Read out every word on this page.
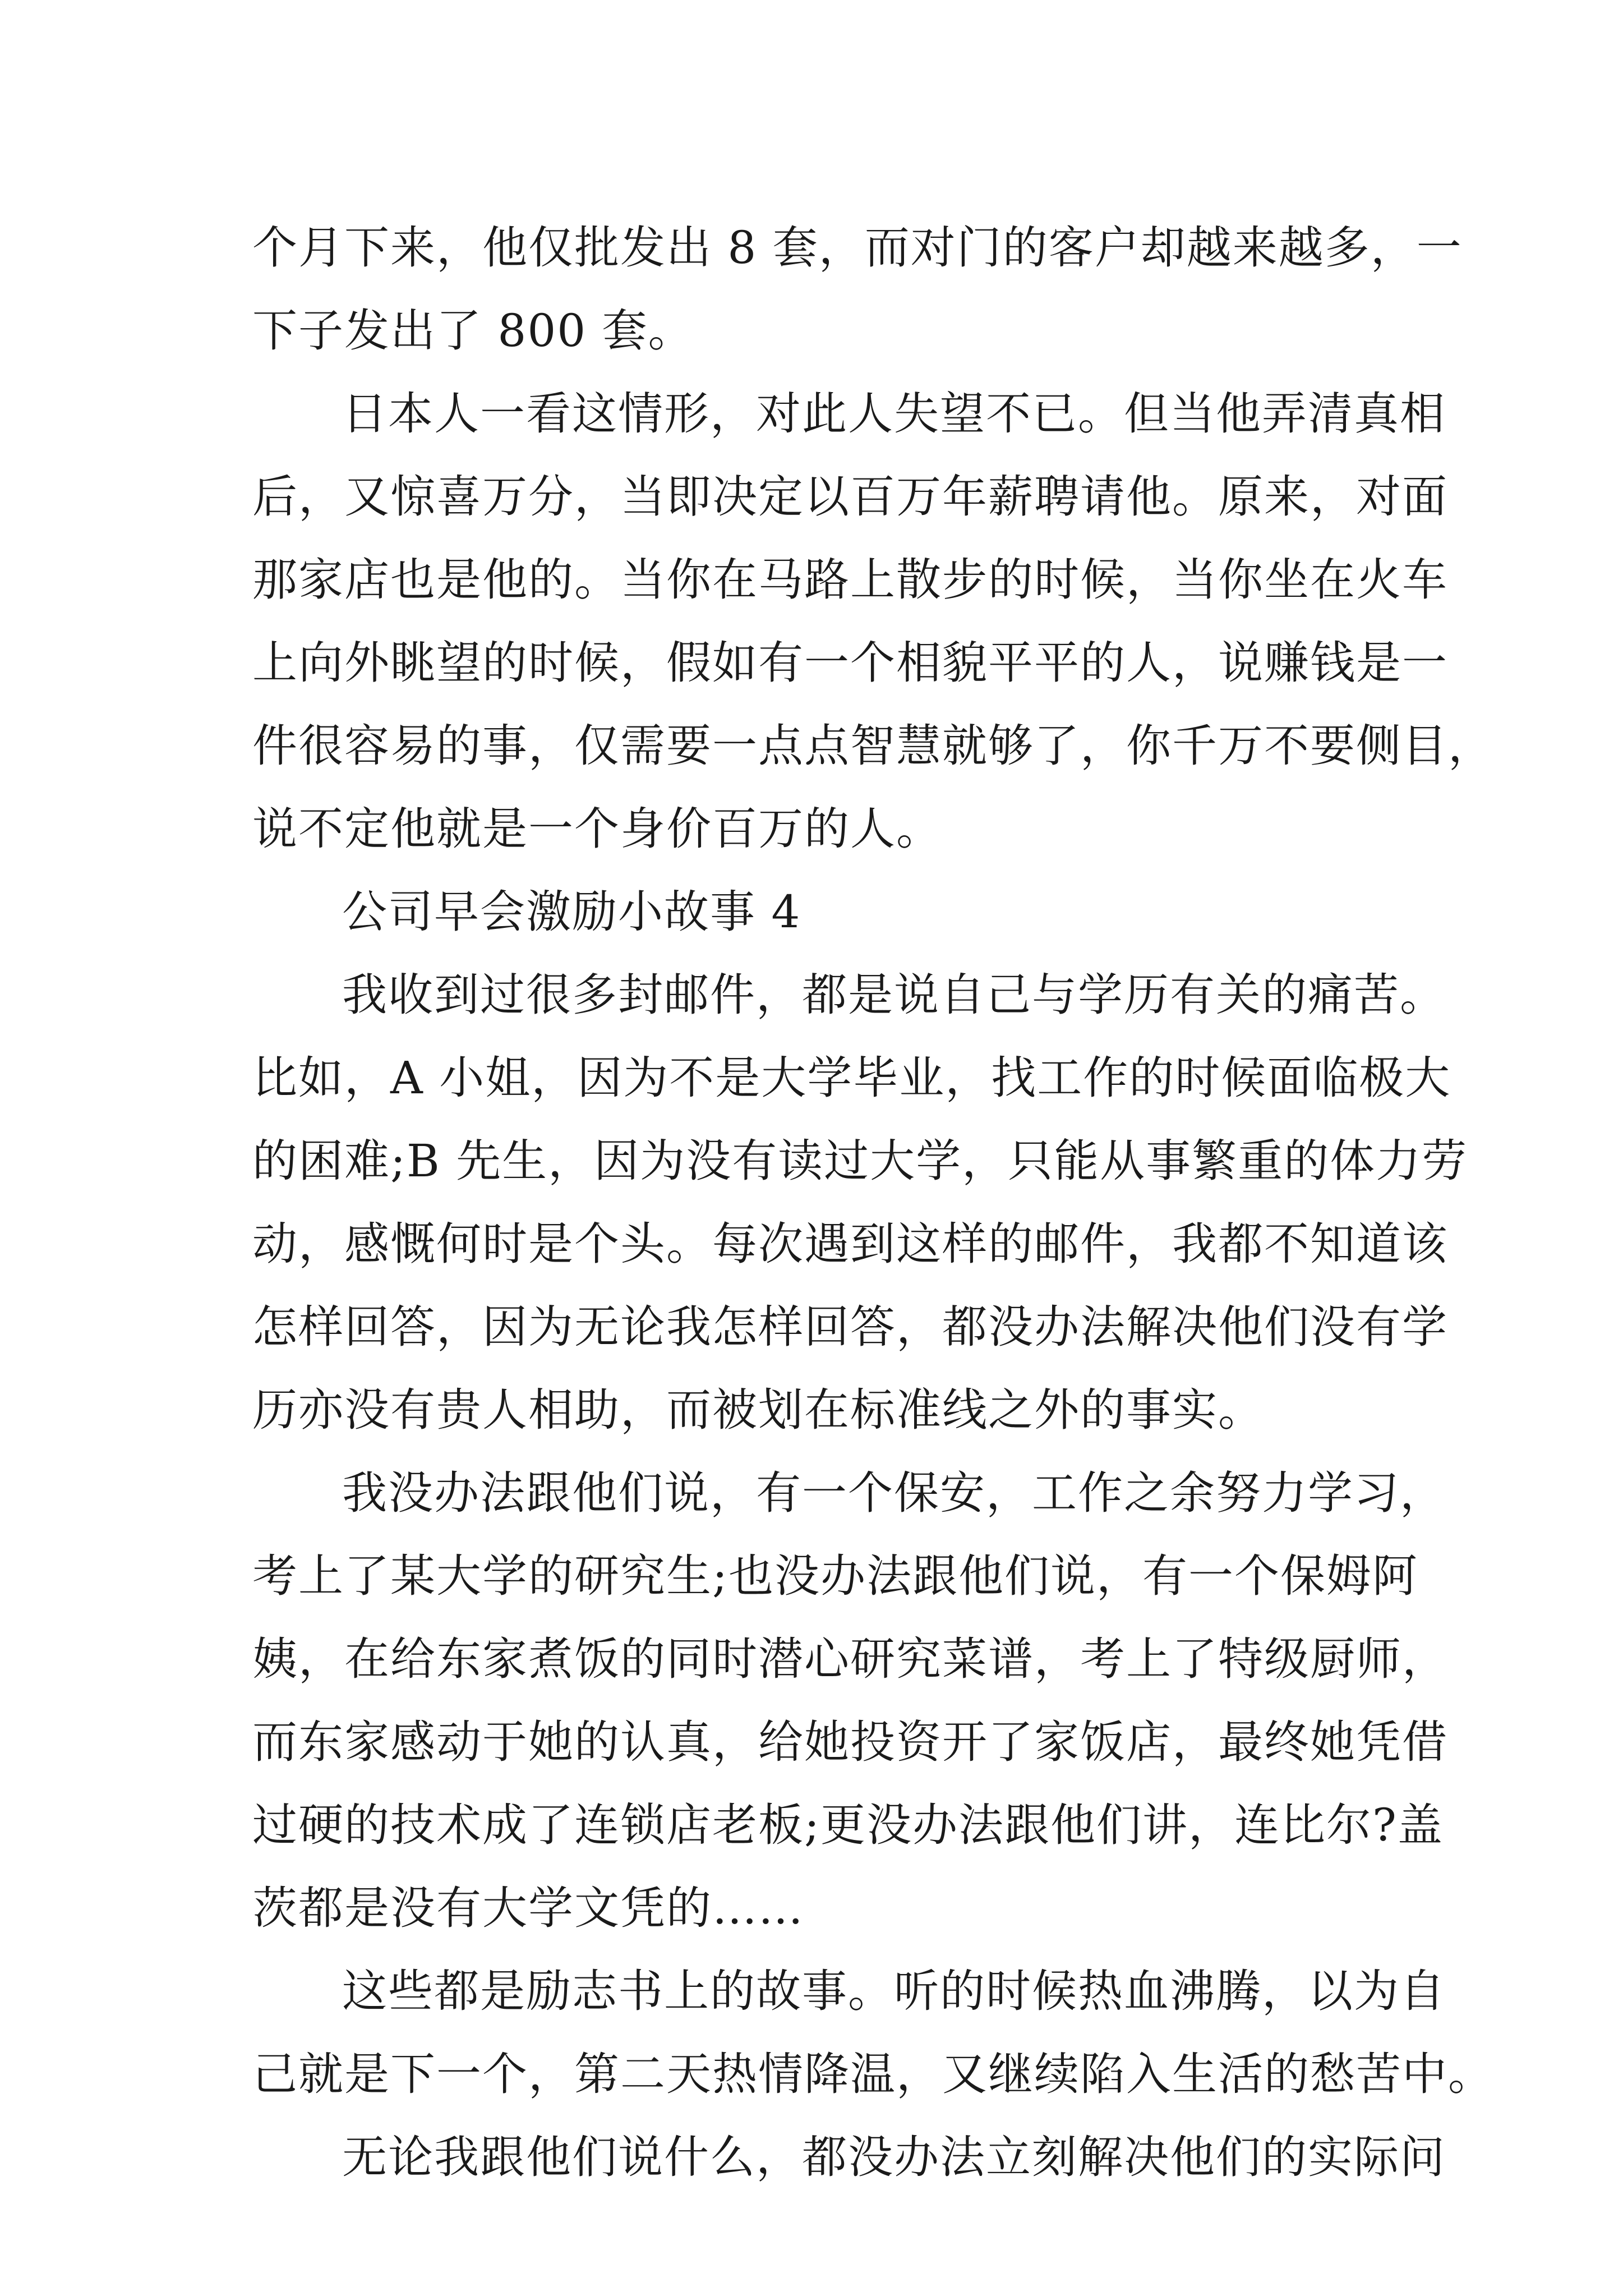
个月下来，他仅批发出 8 套，而对门的客户却越来越多，一
下子发出了 800 套。
日本人一看这情形，对此人失望不已。但当他弄清真相
后，又惊喜万分，当即决定以百万年薪聘请他。原来，对面
那家店也是他的。当你在马路上散步的时候，当你坐在火车
上向外眺望的时候，假如有一个相貌平平的人，说赚钱是一
件很容易的事，仅需要一点点智慧就够了，你千万不要侧目，
说不定他就是一个身价百万的人。
公司早会激励小故事 4
我收到过很多封邮件，都是说自己与学历有关的痛苦。
比如，A 小姐，因为不是大学毕业，找工作的时候面临极大
的困难;B 先生，因为没有读过大学，只能从事繁重的体力劳
动，感慨何时是个头。每次遇到这样的邮件，我都不知道该
怎样回答，因为无论我怎样回答，都没办法解决他们没有学
历亦没有贵人相助，而被划在标准线之外的事实。
我没办法跟他们说，有一个保安，工作之余努力学习，
考上了某大学的研究生;也没办法跟他们说，有一个保姆阿
姨，在给东家煮饭的同时潜心研究菜谱，考上了特级厨师，
而东家感动于她的认真，给她投资开了家饭店，最终她凭借
过硬的技术成了连锁店老板;更没办法跟他们讲，连比尔?盖
茨都是没有大学文凭的……
这些都是励志书上的故事。听的时候热血沸腾，以为自
己就是下一个，第二天热情降温，又继续陷入生活的愁苦中。
无论我跟他们说什么，都没办法立刻解决他们的实际问
